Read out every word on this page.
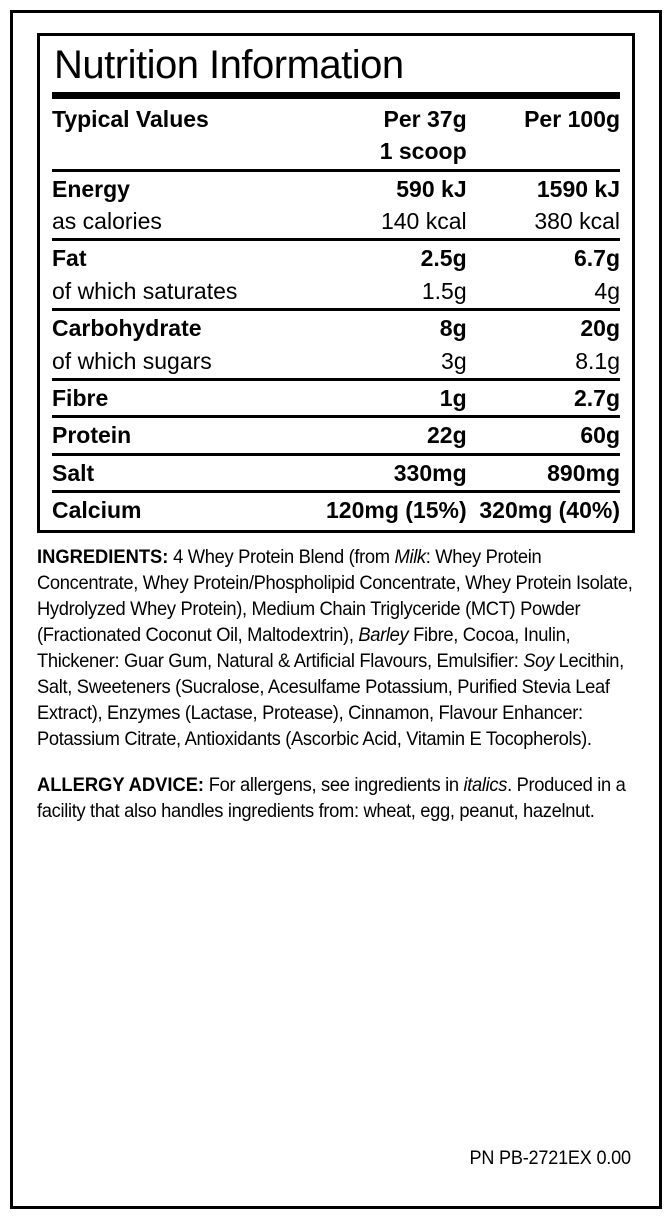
Nutrition Information
Typical Values	Per 37g	Per 100g
	1 scoop	

Energy	590 kJ	1590 kJ
as calories	140 kcal	380 kcal

Fat	2.5g	6.7g
of which saturates	1.5g	4g

Carbohydrate	8g	20g
of which sugars	3g	8.1g

Fibre	1g	2.7g

Protein	22g	60g

Salt	330mg	890mg

Calcium	120mg (15%)	320mg (40%)
INGREDIENTS: 4 Whey Protein Blend (from Milk: Whey Protein Concentrate, Whey Protein/Phospholipid Concentrate, Whey Protein Isolate, Hydrolyzed Whey Protein), Medium Chain Triglyceride (MCT) Powder (Fractionated Coconut Oil, Maltodextrin), Barley Fibre, Cocoa, Inulin, Thickener: Guar Gum, Natural & Artificial Flavours, Emulsifier: Soy Lecithin, Salt, Sweeteners (Sucralose, Acesulfame Potassium, Purified Stevia Leaf Extract), Enzymes (Lactase, Protease), Cinnamon, Flavour Enhancer: Potassium Citrate, Antioxidants (Ascorbic Acid, Vitamin E Tocopherols).
ALLERGY ADVICE: For allergens, see ingredients in italics. Produced in a facility that also handles ingredients from: wheat, egg, peanut, hazelnut.
PN PB-2721EX 0.00
